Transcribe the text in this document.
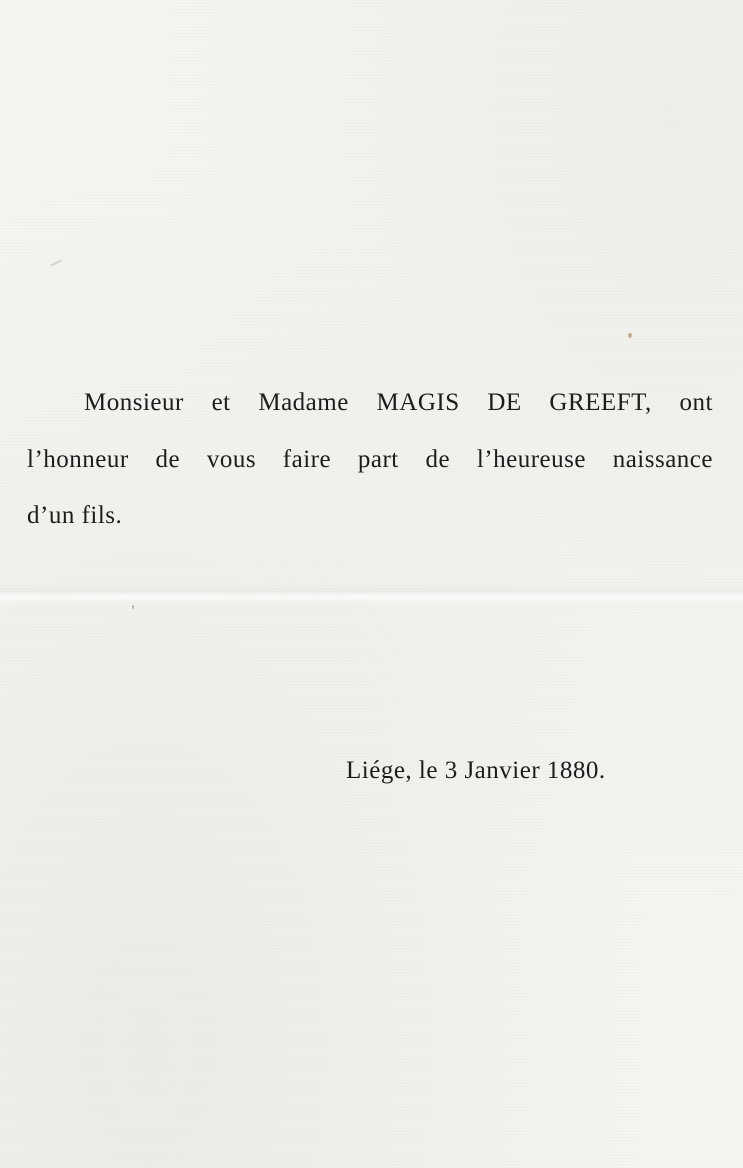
Monsieur et Madame MAGIS DE GREEFT, ont
l’honneur de vous faire part de l’heureuse naissance
d’un fils.
Liége, le 3 Janvier 1880.
